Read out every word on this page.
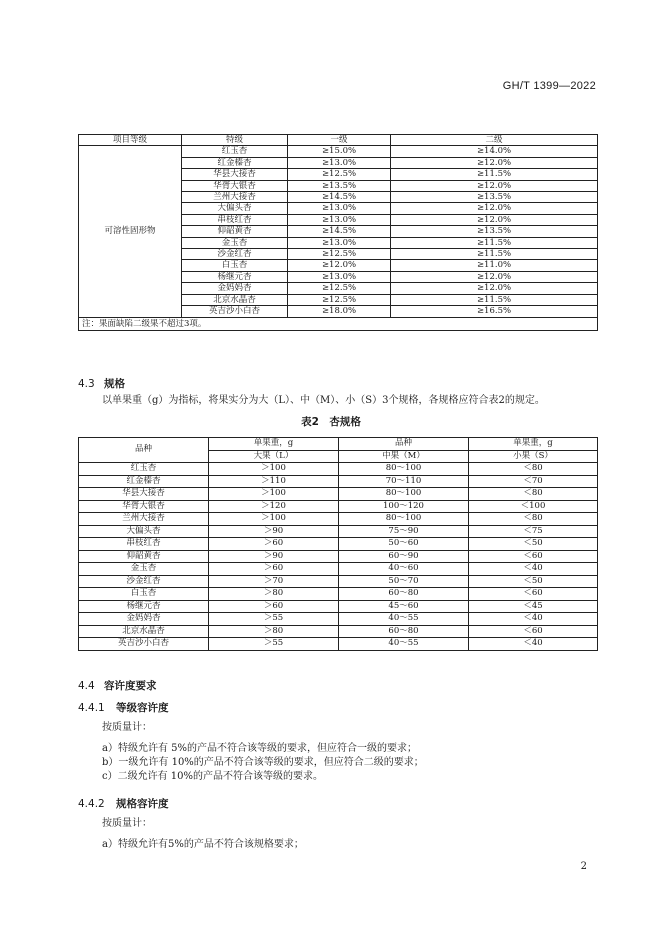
GH/T 1399—2022
项目等级	特级	一级	二级
可溶性固形物	红玉杏	≥15.0%	≥14.0%
	红金榛杏	≥13.0%	≥12.0%
	华县大接杏	≥12.5%	≥11.5%
	华胥大银杏	≥13.5%	≥12.0%
	兰州大接杏	≥14.5%	≥13.5%
	大偏头杏	≥13.0%	≥12.0%
	串枝红杏	≥13.0%	≥12.0%
	仰韶黄杏	≥14.5%	≥13.5%
	金玉杏	≥13.0%	≥11.5%
	沙金红杏	≥12.5%	≥11.5%
	白玉杏	≥12.0%	≥11.0%
	杨继元杏	≥13.0%	≥12.0%
	金妈妈杏	≥12.5%	≥12.0%
	北京水晶杏	≥12.5%	≥11.5%
	英吉沙小白杏	≥18.0%	≥16.5%
注：果面缺陷二级果不超过3项。			
4.3 规格
以单果重（g）为指标，将果实分为大（L）、中（M）、小（S）3个规格，各规格应符合表2的规定。
表2　杏规格
品种	单果重，g	品种	单果重，g
	大果（L）	中果（M）	小果（S）
红玉杏	＞100	80～100	＜80
红金榛杏	＞110	70～110	＜70
华县大接杏	＞100	80～100	＜80
华胥大银杏	＞120	100～120	＜100
兰州大接杏	＞100	80～100	＜80
大偏头杏	＞90	75～90	＜75
串枝红杏	＞60	50～60	＜50
仰韶黄杏	＞90	60～90	＜60
金玉杏	＞60	40～60	＜40
沙金红杏	＞70	50～70	＜50
白玉杏	＞80	60～80	＜60
杨继元杏	＞60	45～60	＜45
金妈妈杏	＞55	40～55	＜40
北京水晶杏	＞80	60～80	＜60
英吉沙小白杏	＞55	40～55	＜40
4.4 容许度要求
4.4.1 等级容许度
按质量计：
a）特级允许有 5%的产品不符合该等级的要求，但应符合一级的要求；
b）一级允许有 10%的产品不符合该等级的要求，但应符合二级的要求；
c）二级允许有 10%的产品不符合该等级的要求。
4.4.2 规格容许度
按质量计：
a）特级允许有5%的产品不符合该规格要求；
2
